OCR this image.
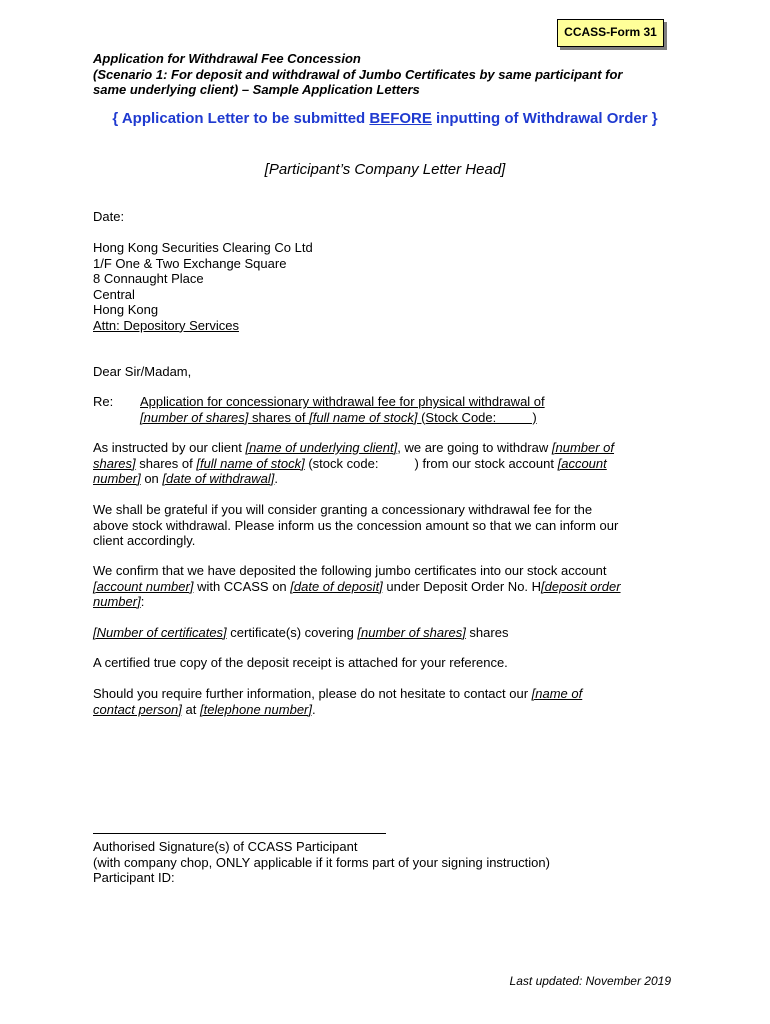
CCASS-Form 31
Application for Withdrawal Fee Concession
(Scenario 1: For deposit and withdrawal of Jumbo Certificates by same participant for
same underlying client) – Sample Application Letters
{ Application Letter to be submitted BEFORE inputting of Withdrawal Order }
[Participant’s Company Letter Head]
Date:
Hong Kong Securities Clearing Co Ltd
1/F One & Two Exchange Square
8 Connaught Place
Central
Hong Kong
Attn: Depository Services
Dear Sir/Madam,
Re: Application for concessionary withdrawal fee for physical withdrawal of
[number of shares] shares of [full name of stock] (Stock Code:          )
As instructed by our client [name of underlying client], we are going to withdraw [number of
shares] shares of [full name of stock] (stock code:          ) from our stock account [account
number] on [date of withdrawal].
We shall be grateful if you will consider granting a concessionary withdrawal fee for the
above stock withdrawal. Please inform us the concession amount so that we can inform our
client accordingly.
We confirm that we have deposited the following jumbo certificates into our stock account
[account number] with CCASS on [date of deposit] under Deposit Order No. H[deposit order
number]:
[Number of certificates] certificate(s) covering [number of shares] shares
A certified true copy of the deposit receipt is attached for your reference.
Should you require further information, please do not hesitate to contact our [name of
contact person] at [telephone number].
Authorised Signature(s) of CCASS Participant
(with company chop, ONLY applicable if it forms part of your signing instruction)
Participant ID:
Last updated: November 2019
